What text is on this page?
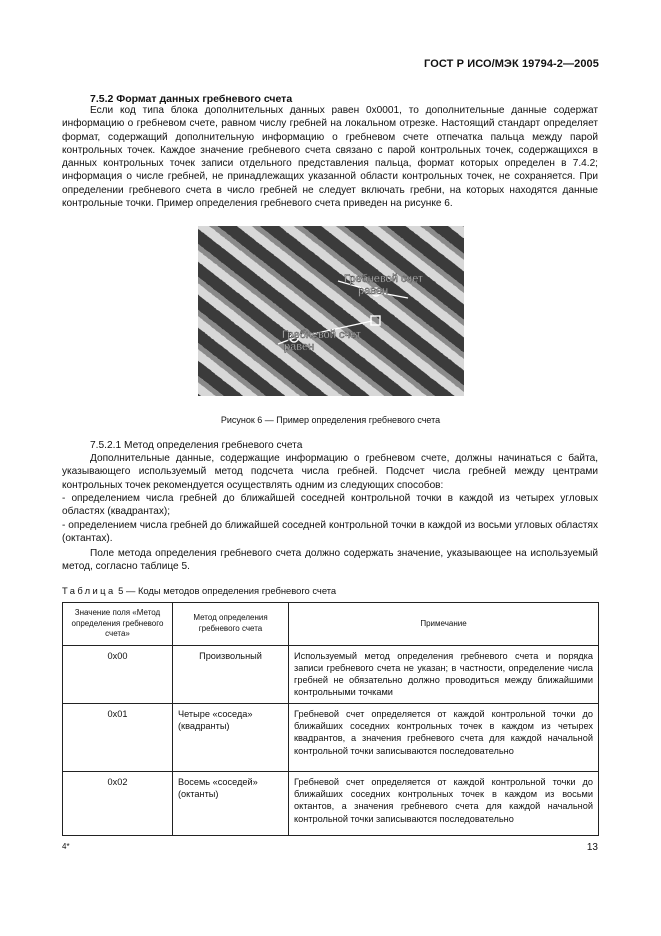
ГОСТ Р ИСО/МЭК 19794-2—2005
7.5.2 Формат данных гребневого счета

Если код типа блока дополнительных данных равен 0x0001, то дополнительные данные содержат информацию о гребневом счете, равном числу гребней на локальном отрезке. Настоящий стандарт определяет формат, содержащий дополнительную информацию о гребневом счете отпечатка пальца между парой контрольных точек. Каждое значение гребневого счета связано с парой контрольных точек, содержащихся в данных контрольных точек записи отдельного представления пальца, формат которых определен в 7.4.2; информация о числе гребней, не принадлежащих указанной области контрольных точек, не сохраняется. При определении гребневого счета в число гребней не следует включать гребни, на которых находятся данные контрольные точки. Пример определения гребневого счета приведен на рисунке 6.

Гребневой счет
равен
Гребневой счет
равен
Рисунок 6 — Пример определения гребневого счета
7.5.2.1 Метод определения гребневого счета

Дополнительные данные, содержащие информацию о гребневом счете, должны начинаться с байта, указывающего используемый метод подсчета числа гребней. Подсчет числа гребней между центрами контрольных точек рекомендуется осуществлять одним из следующих способов:

- определением числа гребней до ближайшей соседней контрольной точки в каждой из четырех угловых областях (квадрантах);

- определением числа гребней до ближайшей соседней контрольной точки в каждой из восьми угловых областях (октантах).

Поле метода определения гребневого счета должно содержать значение, указывающее на используемый метод, согласно таблице 5.

Таблица 5 — Коды методов определения гребневого счета
Значение поля «Метод определения гребневого счета»	Метод определения гребневого счета	Примечание
0x00	Произвольный	Используемый метод определения гребневого счета и порядка записи гребневого счета не указан; в частности, определение числа гребней не обязательно должно проводиться между ближайшими контрольными точками
0x01	Четыре «соседа» (квадранты)	Гребневой счет определяется от каждой контрольной точки до ближайших соседних контрольных точек в каждом из четырех квадрантов, а значения гребневого счета для каждой начальной контрольной точки записываются последовательно
0x02	Восемь «соседей» (октанты)	Гребневой счет определяется от каждой контрольной точки до ближайших соседних контрольных точек в каждом из восьми октантов, а значения гребневого счета для каждой начальной контрольной точки записываются последовательно
4*	13
